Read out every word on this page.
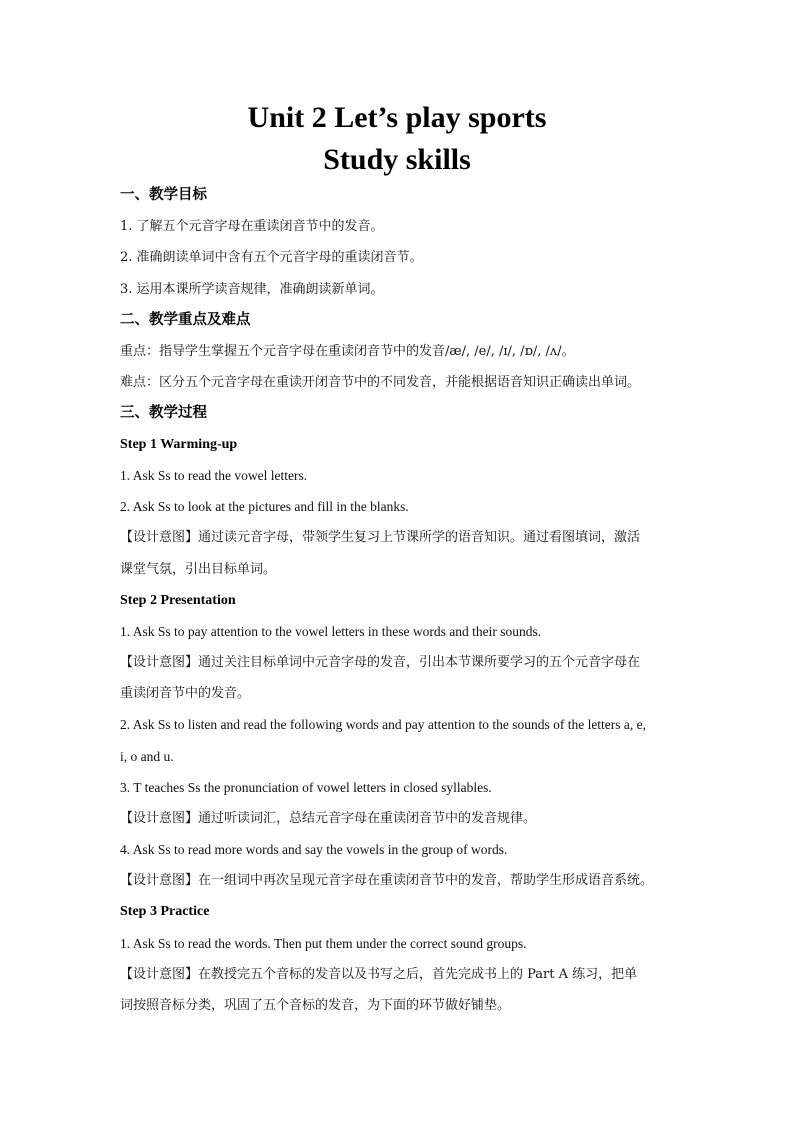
Unit 2 Let’s play sports
Study skills
一、教学目标
1. 了解五个元音字母在重读闭音节中的发音。
2. 准确朗读单词中含有五个元音字母的重读闭音节。
3. 运用本课所学读音规律，准确朗读新单词。
二、教学重点及难点
重点：指导学生掌握五个元音字母在重读闭音节中的发音/æ/, /e/, /ɪ/, /ɒ/, /ʌ/。
难点：区分五个元音字母在重读开闭音节中的不同发音，并能根据语音知识正确读出单词。
三、教学过程
Step 1 Warming-up
1. Ask Ss to read the vowel letters.
2. Ask Ss to look at the pictures and fill in the blanks.
【设计意图】通过读元音字母，带领学生复习上节课所学的语音知识。通过看图填词，激活
课堂气氛，引出目标单词。
Step 2 Presentation
1. Ask Ss to pay attention to the vowel letters in these words and their sounds.
【设计意图】通过关注目标单词中元音字母的发音，引出本节课所要学习的五个元音字母在
重读闭音节中的发音。
2. Ask Ss to listen and read the following words and pay attention to the sounds of the letters a, e,
i, o and u.
3. T teaches Ss the pronunciation of vowel letters in closed syllables.
【设计意图】通过听读词汇，总结元音字母在重读闭音节中的发音规律。
4. Ask Ss to read more words and say the vowels in the group of words.
【设计意图】在一组词中再次呈现元音字母在重读闭音节中的发音，帮助学生形成语音系统。
Step 3 Practice
1. Ask Ss to read the words. Then put them under the correct sound groups.
【设计意图】在教授完五个音标的发音以及书写之后，首先完成书上的 Part A 练习，把单
词按照音标分类，巩固了五个音标的发音，为下面的环节做好铺垫。
